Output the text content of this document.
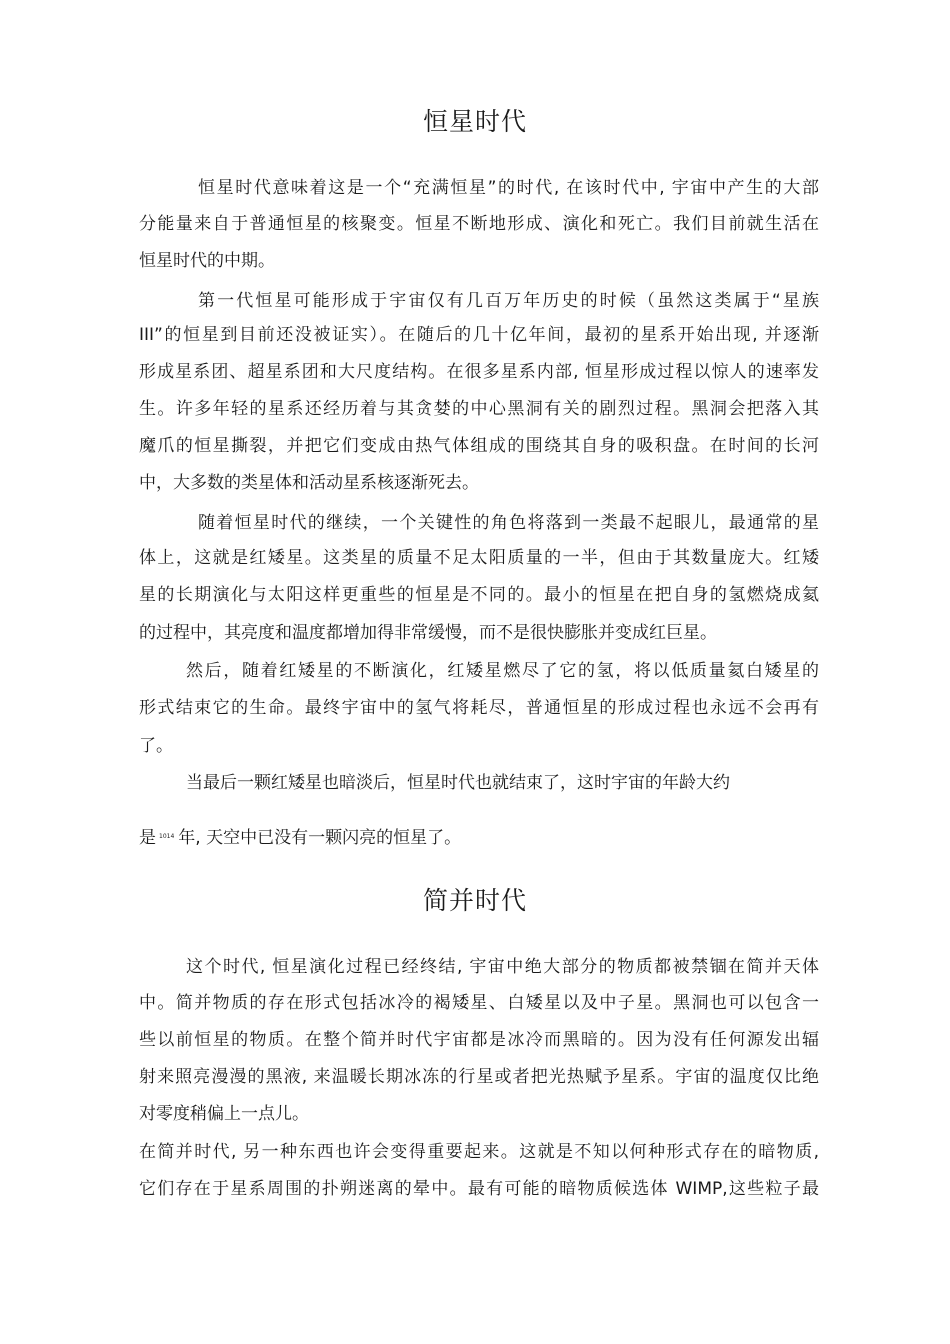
恒星时代

恒星时代意味着这是一个“充满恒星”的时代, 在该时代中, 宇宙中产生的大部

分能量来自于普通恒星的核聚变。恒星不断地形成、演化和死亡。我们目前就生活在

恒星时代的中期。

第一代恒星可能形成于宇宙仅有几百万年历史的时候（虽然这类属于“星族

III”的恒星到目前还没被证实）。在随后的几十亿年间，最初的星系开始出现, 并逐渐

形成星系团、超星系团和大尺度结构。在很多星系内部, 恒星形成过程以惊人的速率发

生。许多年轻的星系还经历着与其贪婪的中心黑洞有关的剧烈过程。黑洞会把落入其

魔爪的恒星撕裂，并把它们变成由热气体组成的围绕其自身的吸积盘。在时间的长河

中，大多数的类星体和活动星系核逐渐死去。

随着恒星时代的继续，一个关键性的角色将落到一类最不起眼儿，最通常的星

体上，这就是红矮星。这类星的质量不足太阳质量的一半，但由于其数量庞大。红矮

星的长期演化与太阳这样更重些的恒星是不同的。最小的恒星在把自身的氢燃烧成氦

的过程中，其亮度和温度都增加得非常缓慢，而不是很快膨胀并变成红巨星。

然后，随着红矮星的不断演化，红矮星燃尽了它的氢，将以低质量氦白矮星的

形式结束它的生命。最终宇宙中的氢气将耗尽，普通恒星的形成过程也永远不会再有

了。

当最后一颗红矮星也暗淡后，恒星时代也就结束了，这时宇宙的年龄大约

是 $^{1014}$ 年, 天空中已没有一颗闪亮的恒星了。

简并时代

这个时代, 恒星演化过程已经终结, 宇宙中绝大部分的物质都被禁锢在简并天体

中。简并物质的存在形式包括冰冷的褐矮星、白矮星以及中子星。黑洞也可以包含一

些以前恒星的物质。在整个简并时代宇宙都是冰冷而黑暗的。因为没有任何源发出辐

射来照亮漫漫的黑液, 来温暖长期冰冻的行星或者把光热赋予星系。宇宙的温度仅比绝

对零度稍偏上一点儿。

在简并时代, 另一种东西也许会变得重要起来。这就是不知以何种形式存在的暗物质,

它们存在于星系周围的扑朔迷离的晕中。最有可能的暗物质候选体 WIMP,这些粒子最
